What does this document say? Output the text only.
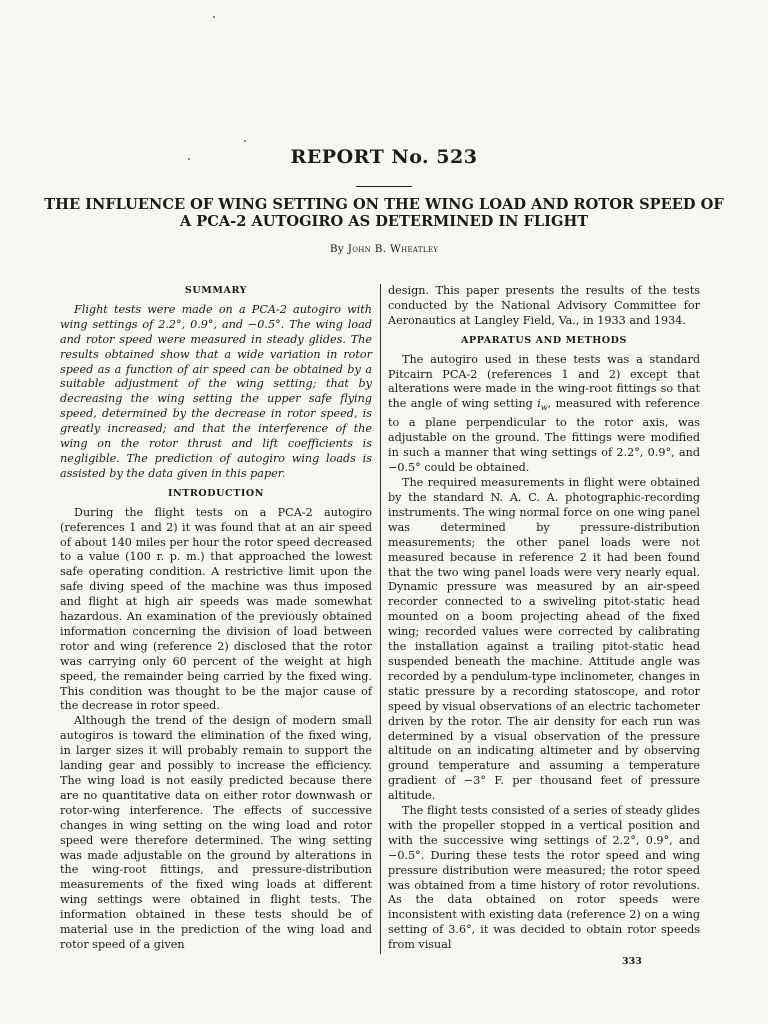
REPORT No. 523
THE INFLUENCE OF WING SETTING ON THE WING LOAD AND ROTOR SPEED OF A PCA-2 AUTOGIRO AS DETERMINED IN FLIGHT
By John B. Wheatley
SUMMARY

Flight tests were made on a PCA-2 autogiro with wing settings of 2.2°, 0.9°, and −0.5°. The wing load and rotor speed were measured in steady glides. The results obtained show that a wide variation in rotor speed as a function of air speed can be obtained by a suitable adjustment of the wing setting; that by decreasing the wing setting the upper safe flying speed, determined by the decrease in rotor speed, is greatly increased; and that the interference of the wing on the rotor thrust and lift coefficients is negligible. The prediction of autogiro wing loads is assisted by the data given in this paper.

INTRODUCTION

During the flight tests on a PCA-2 autogiro (references 1 and 2) it was found that at an air speed of about 140 miles per hour the rotor speed decreased to a value (100 r. p. m.) that approached the lowest safe operating condition. A restrictive limit upon the safe diving speed of the machine was thus imposed and flight at high air speeds was made somewhat hazardous. An examination of the previously obtained information concerning the division of load between rotor and wing (reference 2) disclosed that the rotor was carrying only 60 percent of the weight at high speed, the remainder being carried by the fixed wing. This condition was thought to be the major cause of the decrease in rotor speed.

Although the trend of the design of modern small autogiros is toward the elimination of the fixed wing, in larger sizes it will probably remain to support the landing gear and possibly to increase the efficiency. The wing load is not easily predicted because there are no quantitative data on either rotor downwash or rotor-wing interference. The effects of successive changes in wing setting on the wing load and rotor speed were therefore determined. The wing setting was made adjustable on the ground by alterations in the wing-root fittings, and pressure-distribution measurements of the fixed wing loads at different wing settings were obtained in flight tests. The information obtained in these tests should be of material use in the prediction of the wing load and rotor speed of a given

design. This paper presents the results of the tests conducted by the National Advisory Committee for Aeronautics at Langley Field, Va., in 1933 and 1934.

APPARATUS AND METHODS

The autogiro used in these tests was a standard Pitcairn PCA-2 (references 1 and 2) except that alterations were made in the wing-root fittings so that the angle of wing setting $i_w$, measured with reference to a plane perpendicular to the rotor axis, was adjustable on the ground. The fittings were modified in such a manner that wing settings of 2.2°, 0.9°, and −0.5° could be obtained.

The required measurements in flight were obtained by the standard N. A. C. A. photographic-recording instruments. The wing normal force on one wing panel was determined by pressure-distribution measurements; the other panel loads were not measured because in reference 2 it had been found that the two wing panel loads were very nearly equal. Dynamic pressure was measured by an air-speed recorder connected to a swiveling pitot-static head mounted on a boom projecting ahead of the fixed wing; recorded values were corrected by calibrating the installation against a trailing pitot-static head suspended beneath the machine. Attitude angle was recorded by a pendulum-type inclinometer, changes in static pressure by a recording statoscope, and rotor speed by visual observations of an electric tachometer driven by the rotor. The air density for each run was determined by a visual observation of the pressure altitude on an indicating altimeter and by observing ground temperature and assuming a temperature gradient of −3° F. per thousand feet of pressure altitude.

The flight tests consisted of a series of steady glides with the propeller stopped in a vertical position and with the successive wing settings of 2.2°, 0.9°, and −0.5°. During these tests the rotor speed and wing pressure distribution were measured; the rotor speed was obtained from a time history of rotor revolutions. As the data obtained on rotor speeds were inconsistent with existing data (reference 2) on a wing setting of 3.6°, it was decided to obtain rotor speeds from visual

333
